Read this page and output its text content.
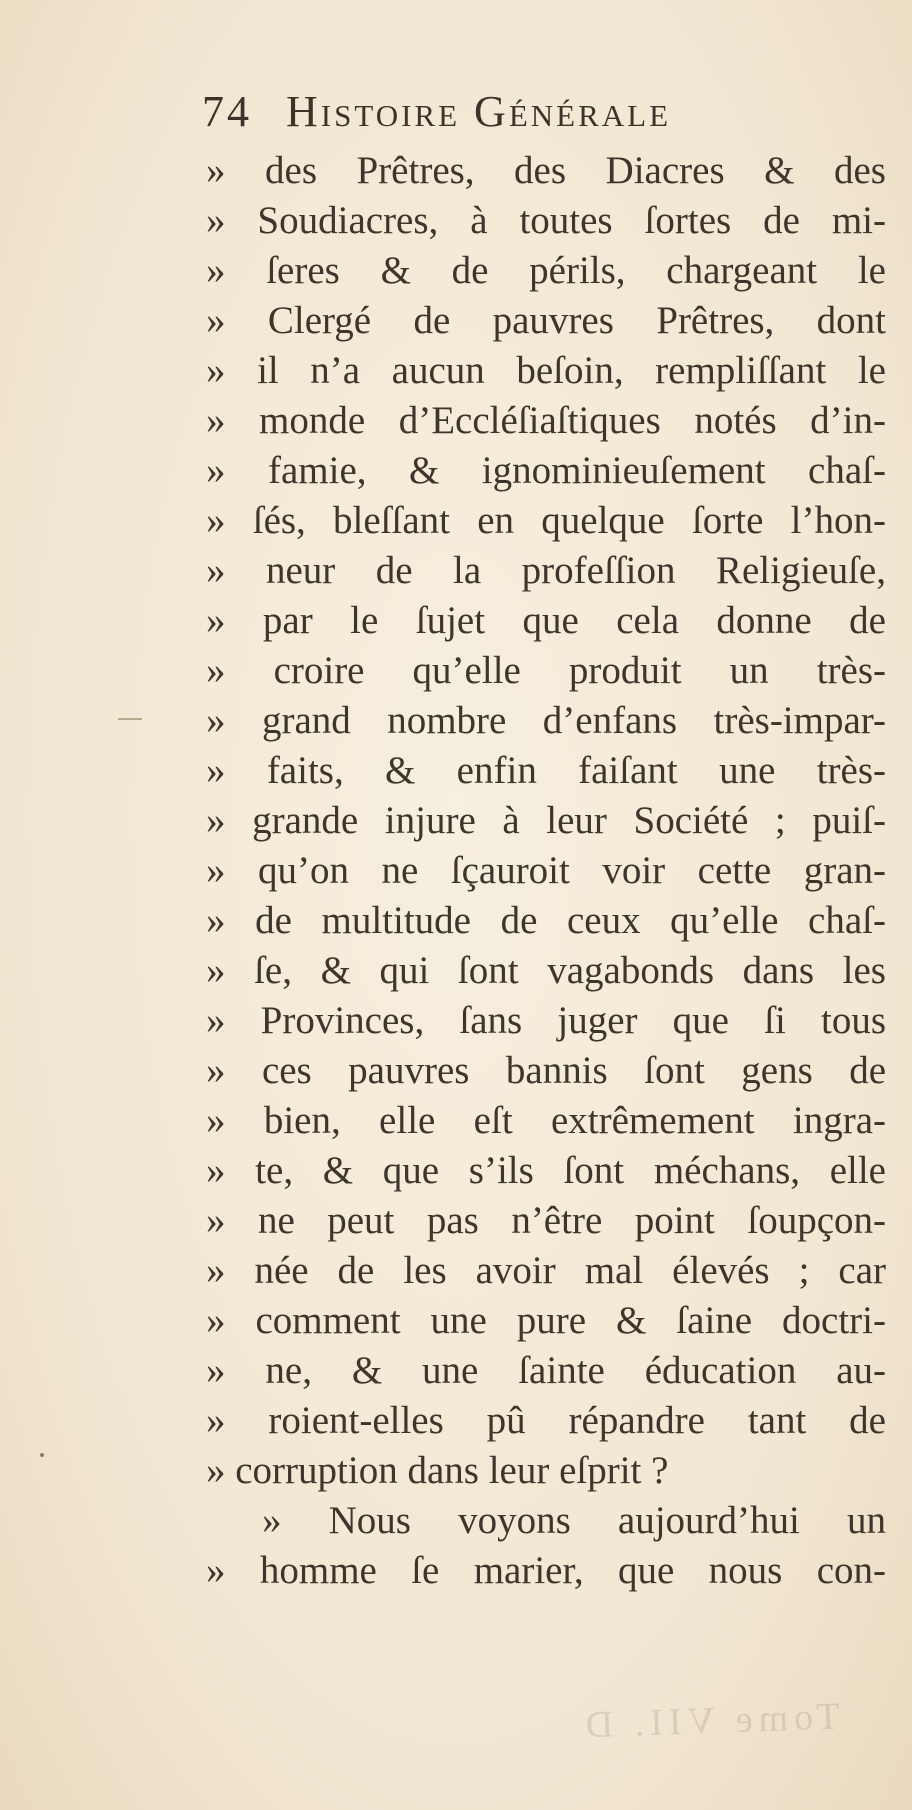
74 Histoire Générale
» des Prêtres, des Diacres & des
» Soudiacres, à toutes ſortes de mi-
» ſeres & de périls, chargeant le
» Clergé de pauvres Prêtres, dont
» il n’a aucun beſoin, rempliſſant le
» monde d’Eccléſiaſtiques notés d’in-
» famie, & ignominieuſement chaſ-
» ſés, bleſſant en quelque ſorte l’hon-
» neur de la profeſſion Religieuſe,
» par le ſujet que cela donne de
» croire qu’elle produit un très-
» grand nombre d’enfans très-impar-
» faits, & enfin faiſant une très-
» grande injure à leur Société ; puiſ-
» qu’on ne ſçauroit voir cette gran-
» de multitude de ceux qu’elle chaſ-
» ſe, & qui ſont vagabonds dans les
» Provinces, ſans juger que ſi tous
» ces pauvres bannis ſont gens de
» bien, elle eſt extrêmement ingra-
» te, & que s’ils ſont méchans, elle
» ne peut pas n’être point ſoupçon-
» née de les avoir mal élevés ; car
» comment une pure & ſaine doctri-
» ne, & une ſainte éducation au-
» roient-elles pû répandre tant de
» corruption dans leur eſprit ?
» Nous voyons aujourd’hui un
» homme ſe marier, que nous con-
Tome VII. D
